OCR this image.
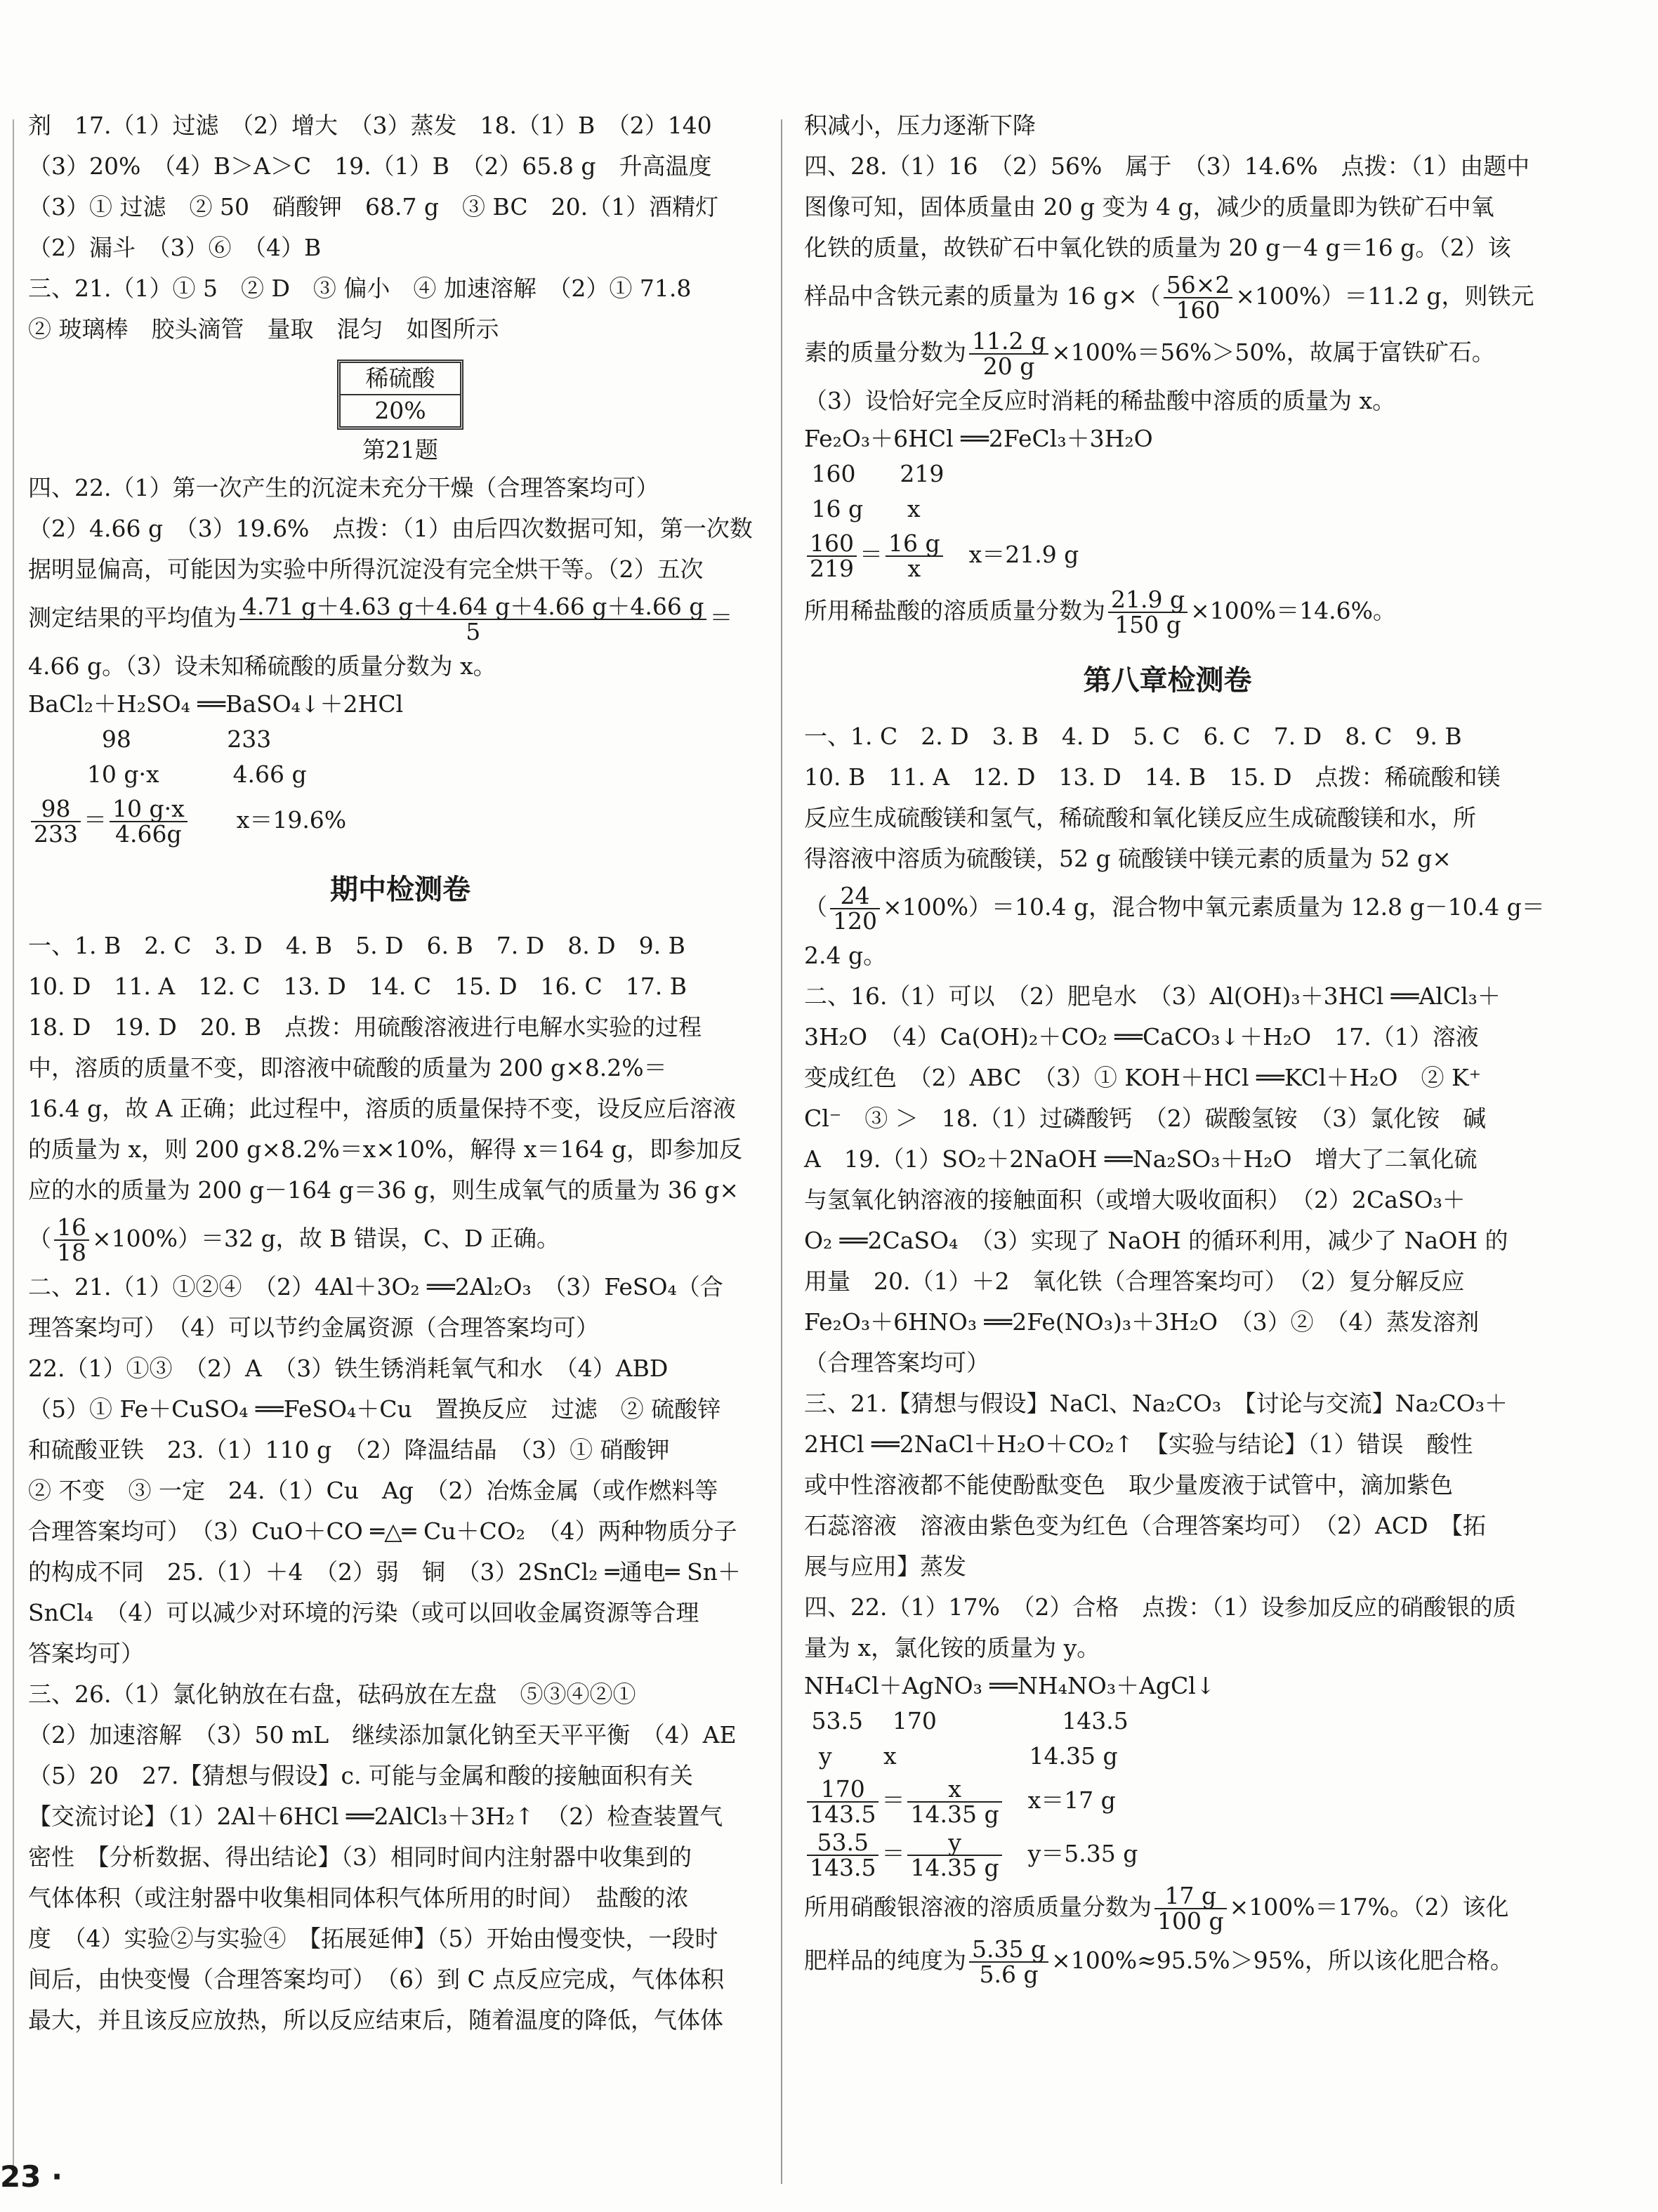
剂　17.（1）过滤　（2）增大　（3）蒸发　18.（1）B　（2）140
（3）20%　（4）B＞A＞C　19.（1）B　（2）65.8 g　升高温度
（3）① 过滤　② 50　硝酸钾　68.7 g　③ BC　20.（1）酒精灯
（2）漏斗　（3）⑥　（4）B
三、21.（1）① 5　② D　③ 偏小　④ 加速溶解　（2）① 71.8
② 玻璃棒　胶头滴管　量取　混匀　如图所示
稀硫酸
20%
第21题
四、22.（1）第一次产生的沉淀未充分干燥（合理答案均可）
（2）4.66 g　（3）19.6%　点拨：（1）由后四次数据可知，第一次数
据明显偏高，可能因为实验中所得沉淀没有完全烘干等。（2）五次
测定结果的平均值为 $\frac{4.71 g+4.63 g+4.64 g+4.66 g+4.66 g}{5}$ ＝
4.66 g。（3）设未知稀硫酸的质量分数为 x。
BaCl₂＋H₂SO₄ ══BaSO₄↓＋2HCl
98             233
10 g·x          4.66 g
$\frac{98}{233} = \frac{10 g\cdot x}{4.66g}$
　　 x＝19.6%
期中检测卷
一、1. B　2. C　3. D　4. B　5. D　6. B　7. D　8. D　9. B
10. D　11. A　12. C　13. D　14. C　15. D　16. C　17. B
18. D　19. D　20. B　点拨：用硫酸溶液进行电解水实验的过程
中，溶质的质量不变，即溶液中硫酸的质量为 200 g×8.2%＝
16.4 g，故 A 正确；此过程中，溶质的质量保持不变，设反应后溶液
的质量为 x，则 200 g×8.2%＝x×10%，解得 x＝164 g，即参加反
应的水的质量为 200 g－164 g＝36 g，则生成氧气的质量为 36 g×
（ $\frac{16}{18} \times 100\%)=32$ g，故 B 错误，C、D 正确。
二、21.（1）①②④　（2）4Al＋3O₂ ══2Al₂O₃　（3）FeSO₄（合
理答案均可）　（4）可以节约金属资源（合理答案均可）
22.（1）①③　（2）A　（3）铁生锈消耗氧气和水　（4）ABD
（5）① Fe＋CuSO₄ ══FeSO₄＋Cu　置换反应　过滤　② 硫酸锌
和硫酸亚铁　23.（1）110 g　（2）降温结晶　（3）① 硝酸钾
② 不变　③ 一定　24.（1）Cu　Ag　（2）冶炼金属（或作燃料等
合理答案均可）　（3）CuO＋CO ═△═ Cu＋CO₂　（4）两种物质分子
的构成不同　25.（1）＋4　（2）弱　铜　（3）2SnCl₂ ═通电═ Sn＋
SnCl₄　（4）可以减少对环境的污染（或可以回收金属资源等合理
答案均可）
三、26.（1）氯化钠放在右盘，砝码放在左盘　⑤③④②①
（2）加速溶解　（3）50 mL　继续添加氯化钠至天平平衡　（4）AE
（5）20　27.【猜想与假设】c. 可能与金属和酸的接触面积有关
【交流讨论】（1）2Al＋6HCl ══2AlCl₃＋3H₂↑　（2）检查装置气
密性　【分析数据、得出结论】（3）相同时间内注射器中收集到的
气体体积（或注射器中收集相同体积气体所用的时间）　盐酸的浓
度　（4）实验②与实验④　【拓展延伸】（5）开始由慢变快，一段时
间后，由快变慢（合理答案均可）　（6）到 C 点反应完成，气体体积
最大，并且该反应放热，所以反应结束后，随着温度的降低，气体体
积减小，压力逐渐下降
四、28.（1）16　（2）56%　属于　（3）14.6%　点拨：（1）由题中
图像可知，固体质量由 20 g 变为 4 g，减少的质量即为铁矿石中氧
化铁的质量，故铁矿石中氧化铁的质量为 20 g－4 g＝16 g。（2）该
样品中含铁元素的质量为 16 $g\times( \frac{56\times 2}{160} \times 100\%)=11.2$ g，则铁元
素的质量分数为 $\frac{11.2 g}{20 g} \times 100\%=56\%>50\%$，故属于富铁矿石。
（3）设恰好完全反应时消耗的稀盐酸中溶质的质量为 x。
Fe₂O₃＋6HCl ══2FeCl₃＋3H₂O
160      219
16 g      x
$\frac{160}{219} = \frac{16 g}{x}$
　 x＝21.9 g
所用稀盐酸的溶质质量分数为 $\frac{21.9 g}{150 g} \times 100\%=14.6\%$。
第八章检测卷
一、1. C　2. D　3. B　4. D　5. C　6. C　7. D　8. C　9. B
10. B　11. A　12. D　13. D　14. B　15. D　点拨：稀硫酸和镁
反应生成硫酸镁和氢气，稀硫酸和氧化镁反应生成硫酸镁和水，所
得溶液中溶质为硫酸镁，52 g 硫酸镁中镁元素的质量为 52 g×
（ $\frac{24}{120} \times 100\%)=10.4$ g，混合物中氧元素质量为 12.8 g－10.4 g＝
2.4 g。
二、16.（1）可以　（2）肥皂水　（3）Al(OH)₃＋3HCl ══AlCl₃＋
3H₂O　（4）Ca(OH)₂＋CO₂ ══CaCO₃↓＋H₂O　17.（1）溶液
变成红色　（2）ABC　（3）① KOH＋HCl ══KCl＋H₂O　② K⁺
Cl⁻　③ ＞　18.（1）过磷酸钙　（2）碳酸氢铵　（3）氯化铵　碱
A　19.（1）SO₂＋2NaOH ══Na₂SO₃＋H₂O　增大了二氧化硫
与氢氧化钠溶液的接触面积（或增大吸收面积）　（2）2CaSO₃＋
O₂ ══2CaSO₄　（3）实现了 NaOH 的循环利用，减少了 NaOH 的
用量　20.（1）＋2　氧化铁（合理答案均可）　（2）复分解反应
Fe₂O₃＋6HNO₃ ══2Fe(NO₃)₃＋3H₂O　（3）②　（4）蒸发溶剂
（合理答案均可）
三、21.【猜想与假设】NaCl、Na₂CO₃　【讨论与交流】Na₂CO₃＋
2HCl ══2NaCl＋H₂O＋CO₂↑　【实验与结论】（1）错误　酸性
或中性溶液都不能使酚酞变色　取少量废液于试管中，滴加紫色
石蕊溶液　溶液由紫色变为红色（合理答案均可）　（2）ACD　【拓
展与应用】蒸发
四、22.（1）17%　（2）合格　点拨：（1）设参加反应的硝酸银的质
量为 x，氯化铵的质量为 y。
NH₄Cl＋AgNO₃ ══NH₄NO₃＋AgCl↓
53.5    170                 143.5
y       x                  14.35 g
$\frac{170}{143.5} = \frac{x}{14.35 g}$
　 x＝17 g
$\frac{53.5}{143.5} = \frac{y}{14.35 g}$
　 y＝5.35 g
所用硝酸银溶液的溶质质量分数为 $\frac{17 g}{100 g} \times 100\%=17\%$。（2）该化
肥样品的纯度为 $\frac{5.35 g}{5.6 g} \times 100\%\approx 95.5\%>95\%$，所以该化肥合格。
23 ·
